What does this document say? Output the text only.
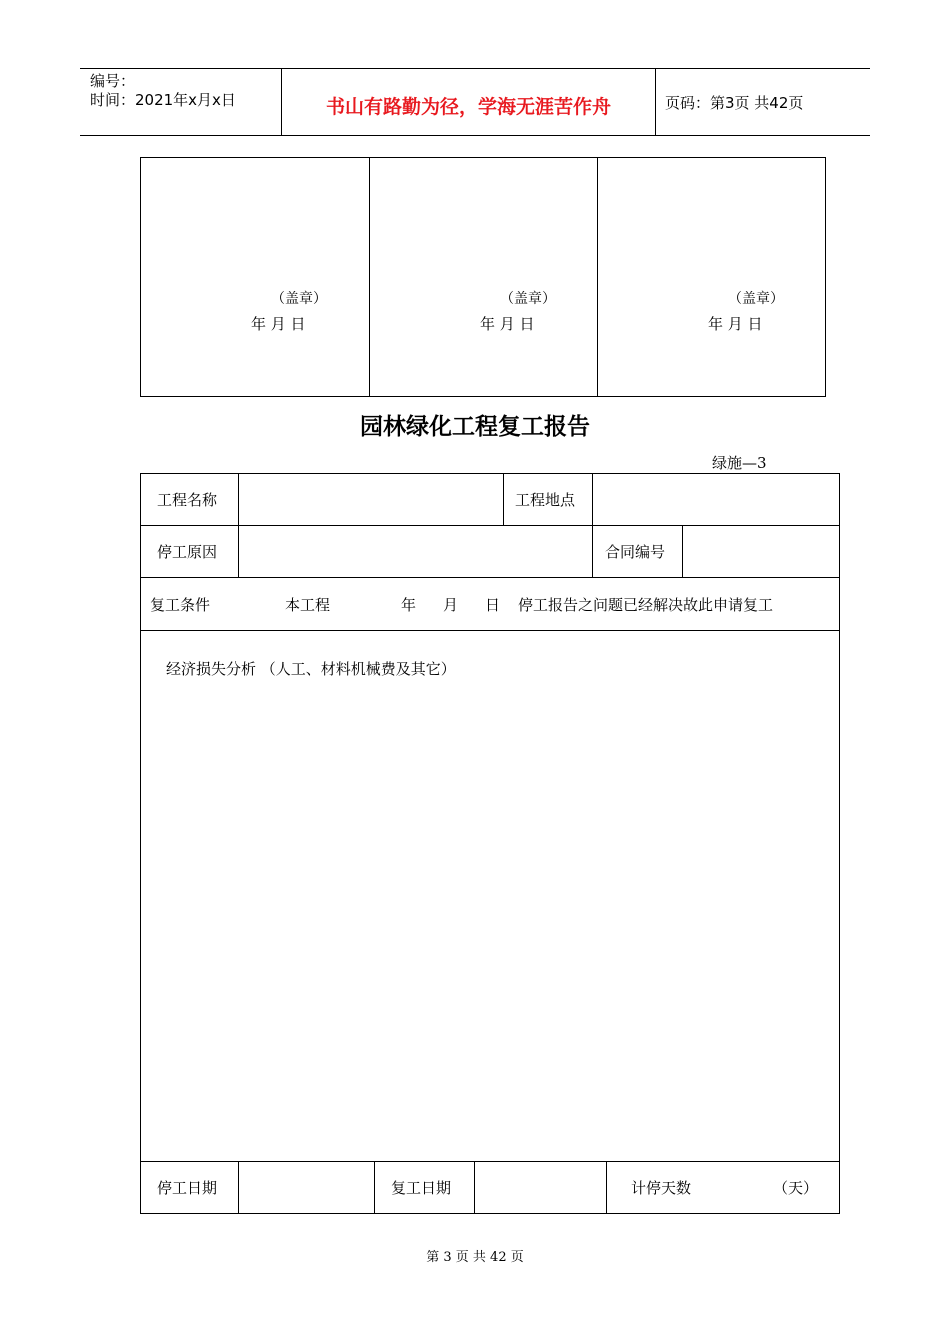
编号：
时间：2021年x月x日	书山有路勤为径，学海无涯苦作舟	页码：第3页 共42页
（盖章）
年 月 日
（盖章）
年 月 日
（盖章）
年 月 日
园林绿化工程复工报告
绿施—3
工程名称	工程地点
停工原因	合同编号
复工条件	本工程	年 月 日 停工报告之问题已经解决故此申请复工
经济损失分析 （人工、材料机械费及其它）
停工日期	复工日期	计停天数	（天）
第 3 页 共 42 页
